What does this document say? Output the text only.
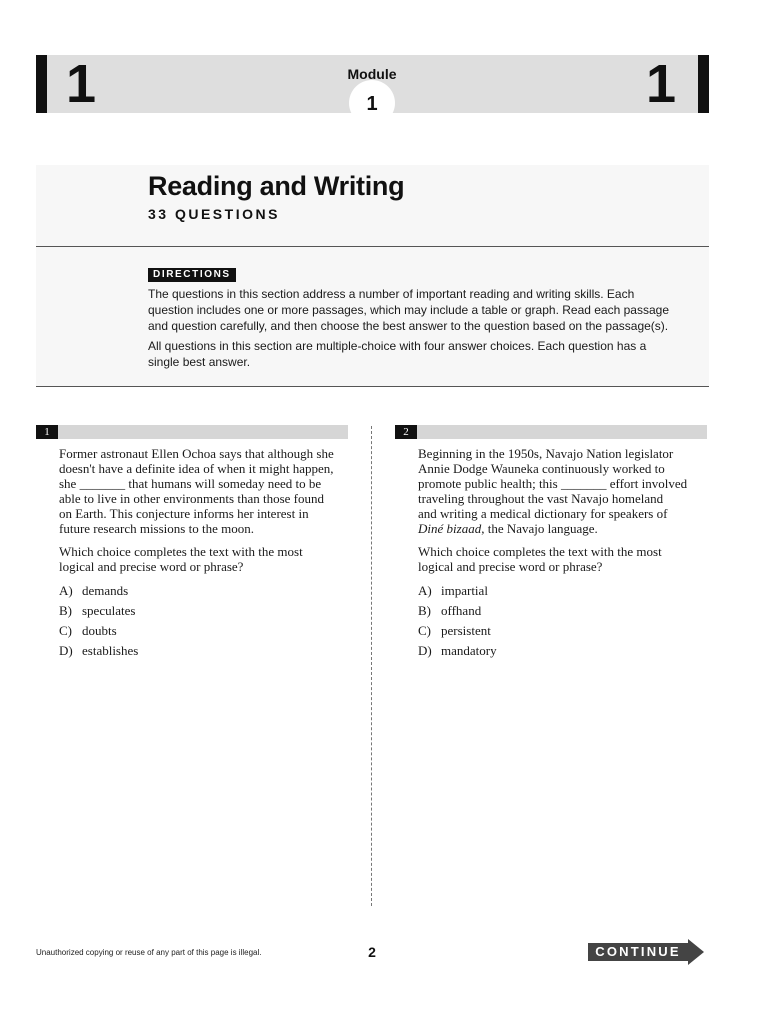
1	1
1
Module
Reading and Writing
33 QUESTIONS
DIRECTIONS

The questions in this section address a number of important reading and writing skills. Each

question includes one or more passages, which may include a table or graph. Read each passage

and question carefully, and then choose the best answer to the question based on the passage(s).

All questions in this section are multiple-choice with four answer choices. Each question has a

single best answer.

1

Former astronaut Ellen Ochoa says that although she

doesn't have a definite idea of when it might happen,

she _______ that humans will someday need to be

able to live in other environments than those found

on Earth. This conjecture informs her interest in

future research missions to the moon.

Which choice completes the text with the most

logical and precise word or phrase?

A) demands
B) speculates
C) doubts
D) establishes
2

Beginning in the 1950s, Navajo Nation legislator

Annie Dodge Wauneka continuously worked to

promote public health; this _______ effort involved

traveling throughout the vast Navajo homeland

and writing a medical dictionary for speakers of

Diné bizaad, the Navajo language.

Which choice completes the text with the most

logical and precise word or phrase?

A) impartial
B) offhand
C) persistent
D) mandatory
Unauthorized copying or reuse of any part of this page is illegal.	2	CONTINUE
